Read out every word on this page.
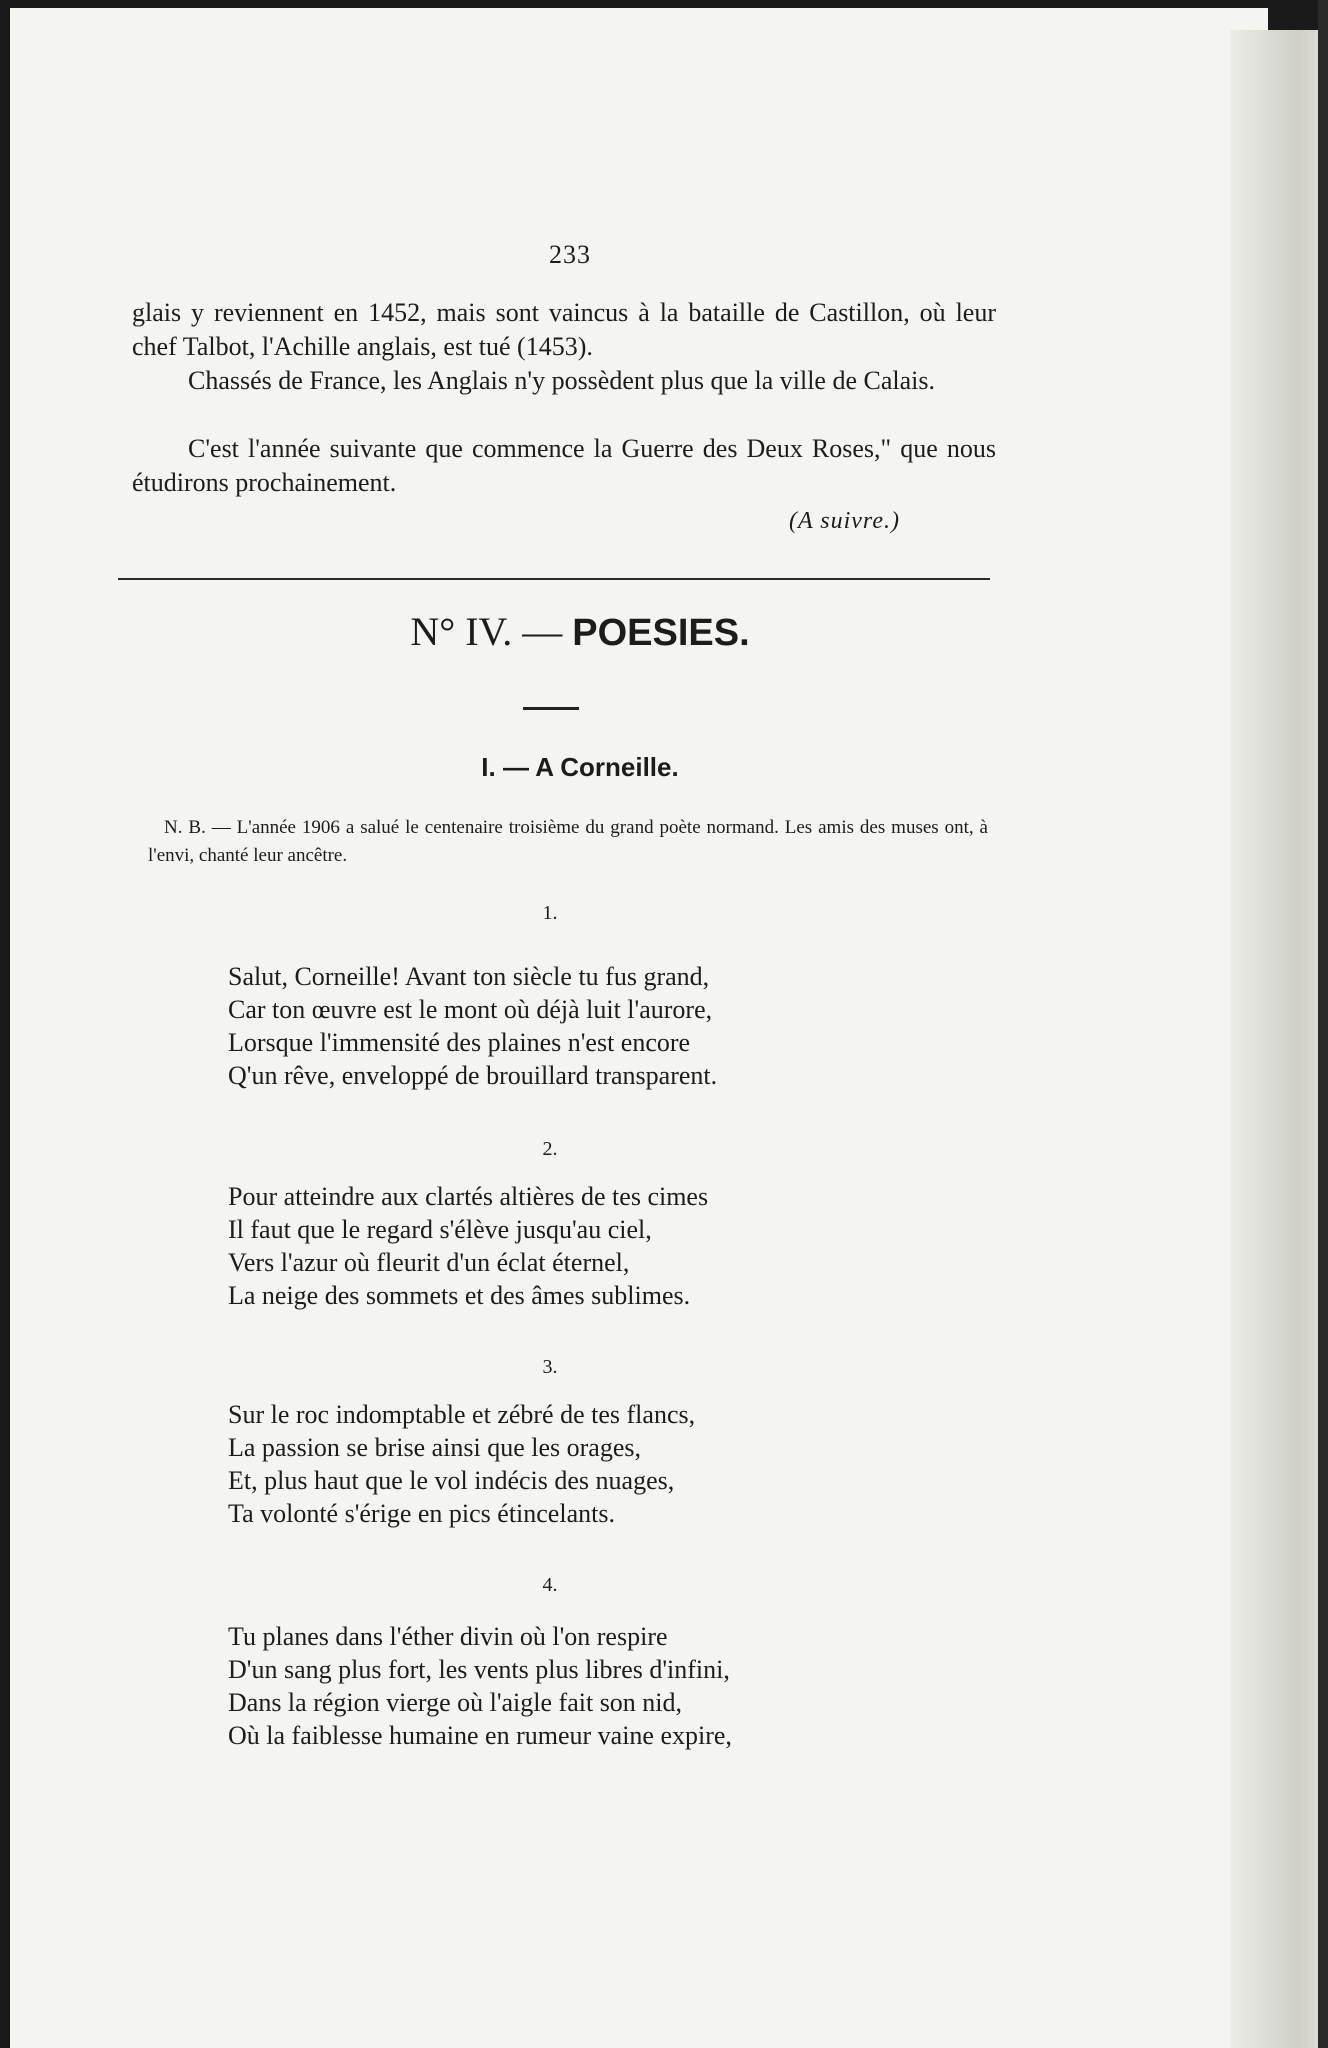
233
glais y reviennent en 1452, mais sont vaincus à la bataille de Castillon, où leur chef Talbot, l'Achille anglais, est tué (1453).
Chassés de France, les Anglais n'y possèdent plus que la ville de Calais.
C'est l'année suivante que commence la Guerre des Deux Roses," que nous étudirons prochainement.
(A suivre.)
N° IV. — POESIES.
I. — A Corneille.
N. B. — L'année 1906 a salué le centenaire troisième du grand poète normand. Les amis des muses ont, à l'envi, chanté leur ancêtre.
1.
Salut, Corneille! Avant ton siècle tu fus grand,
Car ton œuvre est le mont où déjà luit l'aurore,
Lorsque l'immensité des plaines n'est encore
Q'un rêve, enveloppé de brouillard transparent.
2.
Pour atteindre aux clartés altières de tes cimes
Il faut que le regard s'élève jusqu'au ciel,
Vers l'azur où fleurit d'un éclat éternel,
La neige des sommets et des âmes sublimes.
3.
Sur le roc indomptable et zébré de tes flancs,
La passion se brise ainsi que les orages,
Et, plus haut que le vol indécis des nuages,
Ta volonté s'érige en pics étincelants.
4.
Tu planes dans l'éther divin où l'on respire
D'un sang plus fort, les vents plus libres d'infini,
Dans la région vierge où l'aigle fait son nid,
Où la faiblesse humaine en rumeur vaine expire,
